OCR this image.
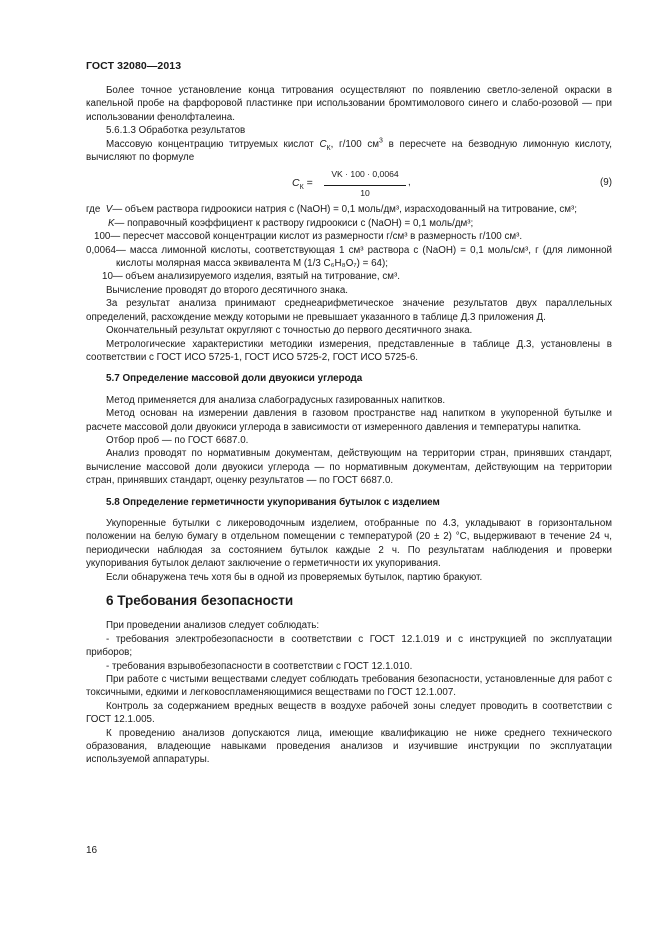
ГОСТ 32080—2013

Более точное установление конца титрования осуществляют по появлению светло-зеленой окраски в капельной пробе на фарфоровой пластинке при использовании бромтимолового синего и слабо-розовой — при использовании фенолфталеина.

5.6.1.3 Обработка результатов

Массовую концентрацию титруемых кислот $С_К$, г/100 $см^3$ в пересчете на безводную лимонную кислоту, вычисляют по формуле

$С_К$ =
VK · 100 · 0,0064
10
,	(9)
где V — объем раствора гидроокиси натрия с (NaOH) = 0,1 моль/дм³, израсходованный на титрование, см³;
K — поправочный коэффициент к раствору гидроокиси с (NaOH) = 0,1 моль/дм³;
100 — пересчет массовой концентрации кислот из размерности г/см³ в размерность г/100 см³.
0,0064 — масса лимонной кислоты, соответствующая 1 см³ раствора с (NaOH) = 0,1 моль/см³, г (для лимонной кислоты молярная масса эквивалента М (1/3 С₆Н₈О₇) = 64);
10 — объем анализируемого изделия, взятый на титрование, см³.

Вычисление проводят до второго десятичного знака.

За результат анализа принимают среднеарифметическое значение результатов двух параллельных определений, расхождение между которыми не превышает указанного в таблице Д.3 приложения Д.

Окончательный результат округляют с точностью до первого десятичного знака.

Метрологические характеристики методики измерения, представленные в таблице Д.3, установлены в соответствии с ГОСТ ИСО 5725-1, ГОСТ ИСО 5725-2, ГОСТ ИСО 5725-6.

5.7 Определение массовой доли двуокиси углерода

Метод применяется для анализа слабоградусных газированных напитков.

Метод основан на измерении давления в газовом пространстве над напитком в укупоренной бутылке и расчете массовой доли двуокиси углерода в зависимости от измеренного давления и температуры напитка.

Отбор проб — по ГОСТ 6687.0.

Анализ проводят по нормативным документам, действующим на территории стран, принявших стандарт, вычисление массовой доли двуокиси углерода — по нормативным документам, действующим на территории стран, принявших стандарт, оценку результатов — по ГОСТ 6687.0.

5.8 Определение герметичности укупоривания бутылок с изделием

Укупоренные бутылки с ликероводочным изделием, отобранные по 4.3, укладывают в горизонтальном положении на белую бумагу в отдельном помещении с температурой (20 ± 2) °С, выдерживают в течение 24 ч, периодически наблюдая за состоянием бутылок каждые 2 ч. По результатам наблюдения и проверки укупоривания бутылок делают заключение о герметичности их укупоривания.

Если обнаружена течь хотя бы в одной из проверяемых бутылок, партию бракуют.

6 Требования безопасности

При проведении анализов следует соблюдать:

- требования электробезопасности в соответствии с ГОСТ 12.1.019 и с инструкцией по эксплуатации приборов;

- требования взрывобезопасности в соответствии с ГОСТ 12.1.010.

При работе с чистыми веществами следует соблюдать требования безопасности, установленные для работ с токсичными, едкими и легковоспламеняющимися веществами по ГОСТ 12.1.007.

Контроль за содержанием вредных веществ в воздухе рабочей зоны следует проводить в соответствии с ГОСТ 12.1.005.

К проведению анализов допускаются лица, имеющие квалификацию не ниже среднего технического образования, владеющие навыками проведения анализов и изучившие инструкции по эксплуатации используемой аппаратуры.

16
